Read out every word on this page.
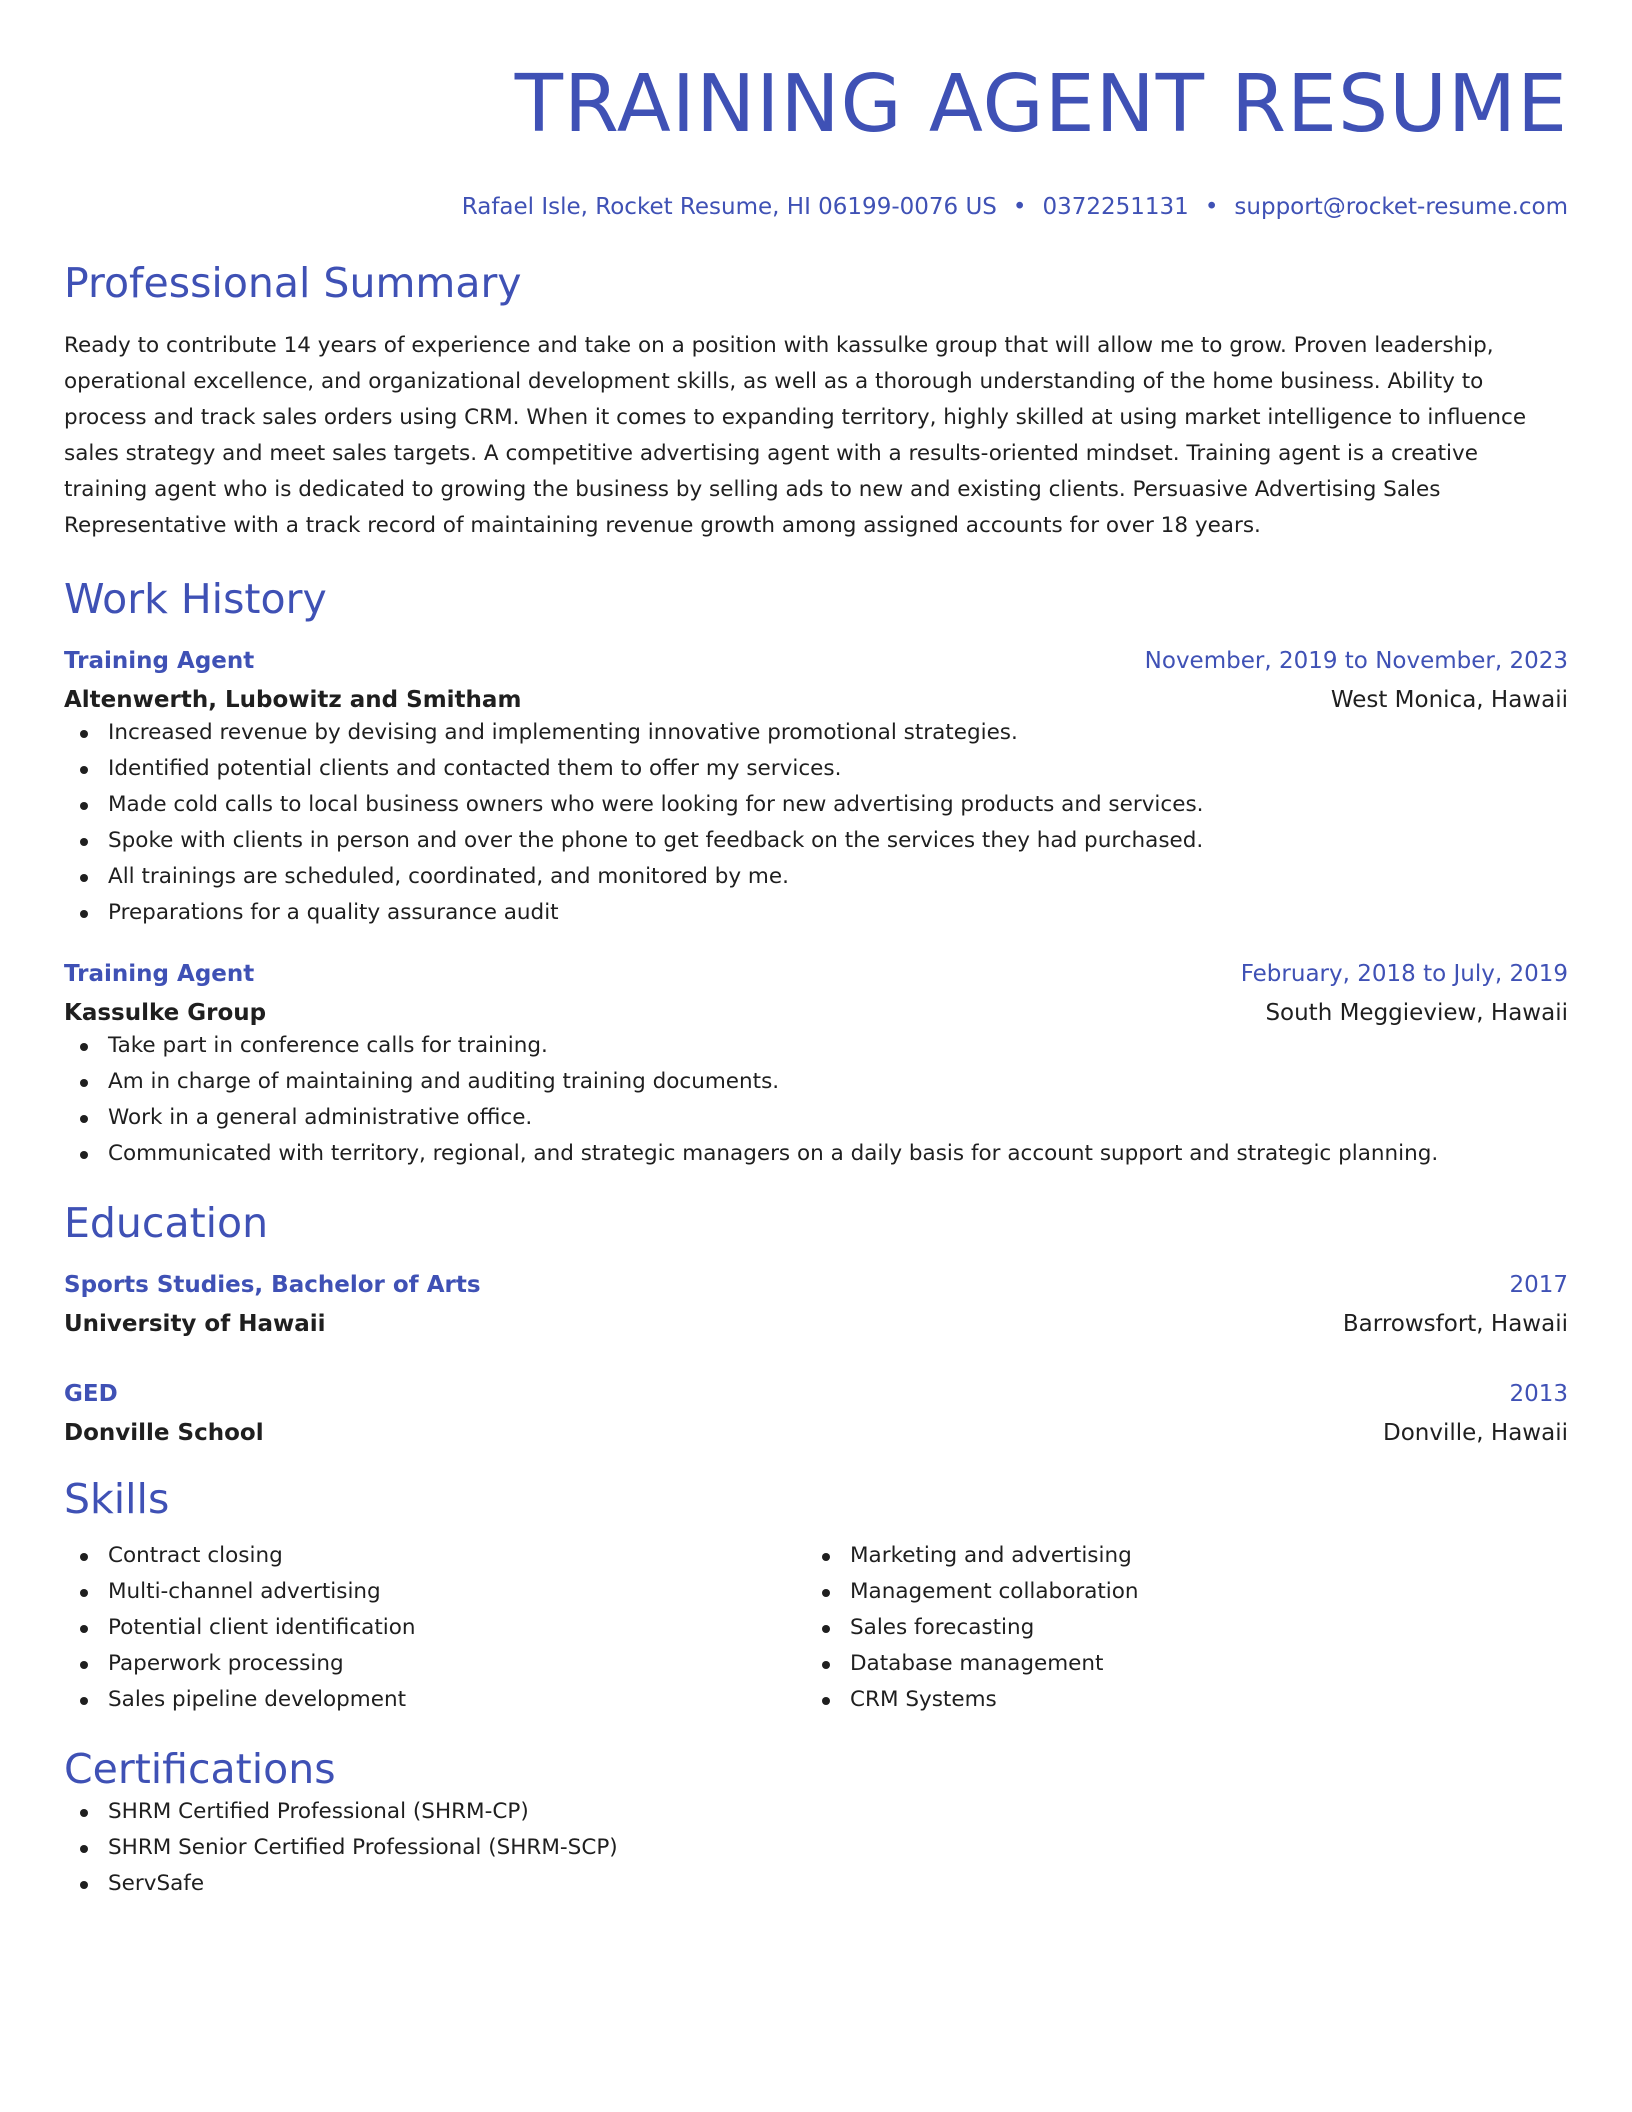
TRAINING AGENT RESUME
Rafael Isle, Rocket Resume, HI 06199-0076 US • 0372251131 • support@rocket-resume.com
Professional Summary
Ready to contribute 14 years of experience and take on a position with kassulke group that will allow me to grow. Proven leadership, operational excellence, and organizational development skills, as well as a thorough understanding of the home business. Ability to process and track sales orders using CRM. When it comes to expanding territory, highly skilled at using market intelligence to influence sales strategy and meet sales targets. A competitive advertising agent with a results-oriented mindset. Training agent is a creative training agent who is dedicated to growing the business by selling ads to new and existing clients. Persuasive Advertising Sales Representative with a track record of maintaining revenue growth among assigned accounts for over 18 years.
Work History
Training Agent	November, 2019 to November, 2023
Altenwerth, Lubowitz and Smitham	West Monica, Hawaii
Increased revenue by devising and implementing innovative promotional strategies.
Identified potential clients and contacted them to offer my services.
Made cold calls to local business owners who were looking for new advertising products and services.
Spoke with clients in person and over the phone to get feedback on the services they had purchased.
All trainings are scheduled, coordinated, and monitored by me.
Preparations for a quality assurance audit
Training Agent	February, 2018 to July, 2019
Kassulke Group	South Meggieview, Hawaii
Take part in conference calls for training.
Am in charge of maintaining and auditing training documents.
Work in a general administrative office.
Communicated with territory, regional, and strategic managers on a daily basis for account support and strategic planning.
Education
Sports Studies, Bachelor of Arts	2017
University of Hawaii	Barrowsfort, Hawaii
GED	2013
Donville School	Donville, Hawaii
Skills
Contract closing
Multi-channel advertising
Potential client identification
Paperwork processing
Sales pipeline development
Marketing and advertising
Management collaboration
Sales forecasting
Database management
CRM Systems
Certifications
SHRM Certified Professional (SHRM-CP)
SHRM Senior Certified Professional (SHRM-SCP)
ServSafe
